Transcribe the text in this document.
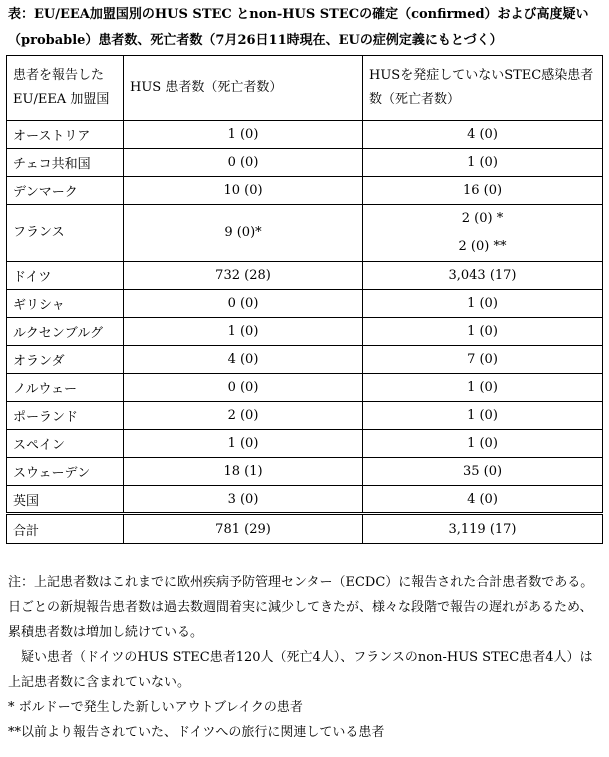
表：EU/EEA加盟国別のHUS STEC とnon-HUS STECの確定（confirmed）および高度疑い（probable）患者数、死亡者数（7月26日11時現在、EUの症例定義にもとづく）
患者を報告したEU/EEA 加盟国	HUS 患者数（死亡者数）	HUSを発症していないSTEC感染患者数（死亡者数）
オーストリア	1 (0)	4 (0)
チェコ共和国	0 (0)	1 (0)
デンマーク	10 (0)	16 (0)
フランス	9 (0)*	2 (0) *
2 (0) **

ドイツ	732 (28)	3,043 (17)
ギリシャ	0 (0)	1 (0)
ルクセンブルグ	1 (0)	1 (0)
オランダ	4 (0)	7 (0)
ノルウェー	0 (0)	1 (0)
ポーランド	2 (0)	1 (0)
スペイン	1 (0)	1 (0)
スウェーデン	18 (1)	35 (0)
英国	3 (0)	4 (0)
合計	781 (29)	3,119 (17)

注：上記患者数はこれまでに欧州疾病予防管理センター（ECDC）に報告された合計患者数である。日ごとの新規報告患者数は過去数週間着実に減少してきたが、様々な段階で報告の遅れがあるため、累積患者数は増加し続けている。

疑い患者（ドイツのHUS STEC患者120人（死亡4人）、フランスのnon-HUS STEC患者4人）は上記患者数に含まれていない。

* ボルドーで発生した新しいアウトブレイクの患者

**以前より報告されていた、ドイツへの旅行に関連している患者
